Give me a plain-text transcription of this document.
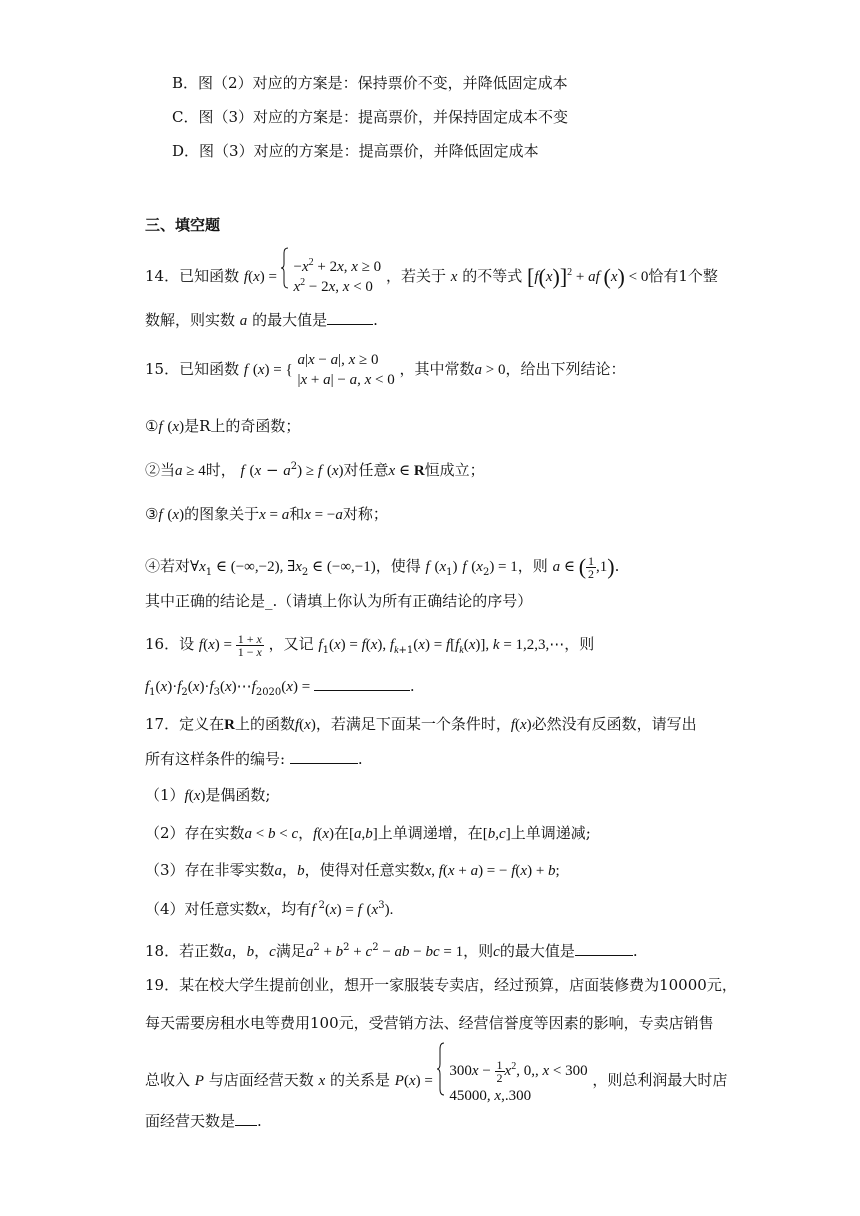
B．图（2）对应的方案是：保持票价不变，并降低固定成本
C．图（3）对应的方案是：提高票价，并保持固定成本不变
D．图（3）对应的方案是：提高票价，并降低固定成本
三、填空题
14．已知函数 f(x) =
$-x^2 + 2x$, x ≥ 0
$x^2 - 2x$, x < 0
，若关于 x 的不等式 $[f(x)]^2$ + af (x) < 0恰有1个整
数解，则实数 a 的最大值是	.
15．已知函数 f (x) = {
a|x − a|, x ≥ 0
|x + a| − a, x < 0
，其中常数a > 0，给出下列结论：
①f (x)是R上的奇函数；
②当a ≥ 4时， f $(x - a^2) \ge f$ (x)对任意x ∈ R恒成立；
③f (x)的图象关于x = a和x = −a对称；
④若对$\forall x_1$ ∈ (−∞,−2), $\exists x_2$ ∈ (−∞,−1)，使得 f $(x_1)$ f $(x_2) = 1$，则 a ∈ ( $\frac{1}{2} ,1$).
其中正确的结论是_.（请填上你认为所有正确结论的序号）
16．设 $f(x) = \frac{1 + x}{1 - x}$ ，又记 $f_1(x) = f(x)$, $f_{k+1}(x) = f[f_k(x)]$, k = 1,2,3,⋯，则
$f_1(x)\cdot f_2(x)\cdot f_3(x)\cdots f_{2020}(x)$ =	.
17．定义在R上的函数f(x)，若满足下面某一个条件时，f(x)必然没有反函数，请写出
所有这样条件的编号:	.
（1）f(x)是偶函数;
（2）存在实数a < b < c，f(x)在[a,b]上单调递增，在[b,c]上单调递减;
（3）存在非零实数a，b，使得对任意实数x, f(x + a) = − f(x) + b;
（4）对任意实数x，均有f $^2$(x) = f $(x^3)$.
18．若正数a，b，c满足$a^2 + b^2 + c^2$ − ab − bc = 1，则c的最大值是	.
19．某在校大学生提前创业，想开一家服装专卖店，经过预算，店面装修费为10000元，
每天需要房租水电等费用100元，受营销方法、经营信誉度等因素的影响，专卖店销售
总收入 P 与店面经营天数 x 的关系是 P(x) =
$300x - \frac{1}{2} x^2$, 0,, x < 300
45000, x,.300
，则总利润最大时店
面经营天数是 .
